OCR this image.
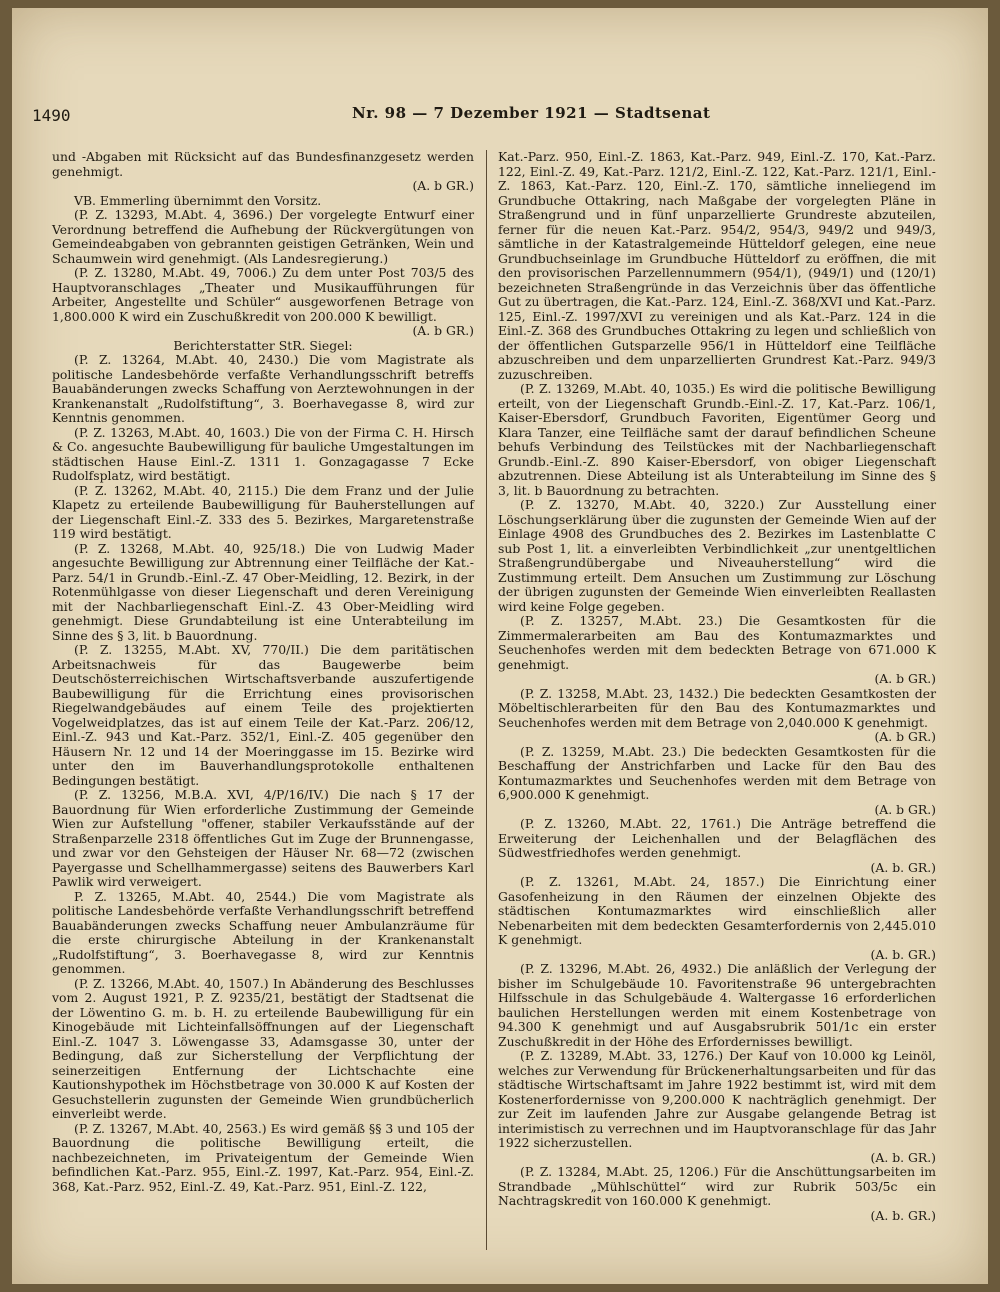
1490	Nr. 98 — 7 Dezember 1921 — Stadtsenat

und -Abgaben mit Rücksicht auf das Bundesfinanzgesetz werden genehmigt.
(A. b GR.)

VB. Emmerling übernimmt den Vorsitz.

(P. Z. 13293, M.Abt. 4, 3696.) Der vorgelegte Entwurf einer Verordnung betreffend die Aufhebung der Rückvergütungen von Gemeindeabgaben von gebrannten geistigen Getränken, Wein und Schaumwein wird genehmigt. (Als Landesregierung.)

(P. Z. 13280, M.Abt. 49, 7006.) Zu dem unter Post 703/5 des Hauptvoranschlages „Theater und Musikaufführungen für Arbeiter, Angestellte und Schüler“ ausgeworfenen Betrage von 1,800.000 K wird ein Zuschußkredit von 200.000 K bewilligt.
(A. b GR.)

Berichterstatter StR. Siegel:

(P. Z. 13264, M.Abt. 40, 2430.) Die vom Magistrate als politische Landesbehörde verfaßte Verhandlungsschrift betreffs Bauabänderungen zwecks Schaffung von Aerztewohnungen in der Krankenanstalt „Rudolfstiftung“, 3. Boerhavegasse 8, wird zur Kenntnis genommen.

(P. Z. 13263, M.Abt. 40, 1603.) Die von der Firma C. H. Hirsch & Co. angesuchte Baubewilligung für bauliche Umgestaltungen im städtischen Hause Einl.-Z. 1311 1. Gonzagagasse 7 Ecke Rudolfsplatz, wird bestätigt.

(P. Z. 13262, M.Abt. 40, 2115.) Die dem Franz und der Julie Klapetz zu erteilende Baubewilligung für Bauherstellungen auf der Liegenschaft Einl.-Z. 333 des 5. Bezirkes, Margaretenstraße 119 wird bestätigt.

(P. Z. 13268, M.Abt. 40, 925/18.) Die von Ludwig Mader angesuchte Bewilligung zur Abtrennung einer Teilfläche der Kat.-Parz. 54/1 in Grundb.-Einl.-Z. 47 Ober-Meidling, 12. Bezirk, in der Rotenmühlgasse von dieser Liegenschaft und deren Vereinigung mit der Nachbarliegenschaft Einl.-Z. 43 Ober-Meidling wird genehmigt. Diese Grundabteilung ist eine Unterabteilung im Sinne des § 3, lit. b Bauordnung.

(P. Z. 13255, M.Abt. XV, 770/II.) Die dem paritätischen Arbeitsnachweis für das Baugewerbe beim Deutschösterreichischen Wirtschaftsverbande auszufertigende Baubewilligung für die Errichtung eines provisorischen Riegelwandgebäudes auf einem Teile des projektierten Vogelweidplatzes, das ist auf einem Teile der Kat.-Parz. 206/12, Einl.-Z. 943 und Kat.-Parz. 352/1, Einl.-Z. 405 gegenüber den Häusern Nr. 12 und 14 der Moeringgasse im 15. Bezirke wird unter den im Bauverhandlungsprotokolle enthaltenen Bedingungen bestätigt.

(P. Z. 13256, M.B.A. XVI, 4/P/16/IV.) Die nach § 17 der Bauordnung für Wien erforderliche Zustimmung der Gemeinde Wien zur Aufstellung "offener, stabiler Verkaufsstände auf der Straßenparzelle 2318 öffentliches Gut im Zuge der Brunnengasse, und zwar vor den Gehsteigen der Häuser Nr. 68—72 (zwischen Payergasse und Schellhammergasse) seitens des Bauwerbers Karl Pawlik wird verweigert.

P. Z. 13265, M.Abt. 40, 2544.) Die vom Magistrate als politische Landesbehörde verfaßte Verhandlungsschrift betreffend Bauabänderungen zwecks Schaffung neuer Ambulanzräume für die erste chirurgische Abteilung in der Krankenanstalt „Rudolfstiftung“, 3. Boerhavegasse 8, wird zur Kenntnis genommen.

(P. Z. 13266, M.Abt. 40, 1507.) In Abänderung des Beschlusses vom 2. August 1921, P. Z. 9235/21, bestätigt der Stadtsenat die der Löwentino G. m. b. H. zu erteilende Baubewilligung für ein Kinogebäude mit Lichteinfallsöffnungen auf der Liegenschaft Einl.-Z. 1047 3. Löwengasse 33, Adamsgasse 30, unter der Bedingung, daß zur Sicherstellung der Verpflichtung der seinerzeitigen Entfernung der Lichtschachte eine Kautionshypothek im Höchstbetrage von 30.000 K auf Kosten der Gesuchstellerin zugunsten der Gemeinde Wien grundbücherlich einverleibt werde.

(P. Z. 13267, M.Abt. 40, 2563.) Es wird gemäß §§ 3 und 105 der Bauordnung die politische Bewilligung erteilt, die nachbezeichneten, im Privateigentum der Gemeinde Wien befindlichen Kat.-Parz. 955, Einl.-Z. 1997, Kat.-Parz. 954, Einl.-Z. 368, Kat.-Parz. 952, Einl.-Z. 49, Kat.-Parz. 951, Einl.-Z. 122,

Kat.-Parz. 950, Einl.-Z. 1863, Kat.-Parz. 949, Einl.-Z. 170, Kat.-Parz. 122, Einl.-Z. 49, Kat.-Parz. 121/2, Einl.-Z. 122, Kat.-Parz. 121/1, Einl.-Z. 1863, Kat.-Parz. 120, Einl.-Z. 170, sämtliche inneliegend im Grundbuche Ottakring, nach Maßgabe der vorgelegten Pläne in Straßengrund und in fünf unparzellierte Grundreste abzuteilen, ferner für die neuen Kat.-Parz. 954/2, 954/3, 949/2 und 949/3, sämtliche in der Katastralgemeinde Hütteldorf gelegen, eine neue Grundbuchseinlage im Grundbuche Hütteldorf zu eröffnen, die mit den provisorischen Parzellennummern (954/1), (949/1) und (120/1) bezeichneten Straßengründe in das Verzeichnis über das öffentliche Gut zu übertragen, die Kat.-Parz. 124, Einl.-Z. 368/XVI und Kat.-Parz. 125, Einl.-Z. 1997/XVI zu vereinigen und als Kat.-Parz. 124 in die Einl.-Z. 368 des Grundbuches Ottakring zu legen und schließlich von der öffentlichen Gutsparzelle 956/1 in Hütteldorf eine Teilfläche abzuschreiben und dem unparzellierten Grundrest Kat.-Parz. 949/3 zuzuschreiben.

(P. Z. 13269, M.Abt. 40, 1035.) Es wird die politische Bewilligung erteilt, von der Liegenschaft Grundb.-Einl.-Z. 17, Kat.-Parz. 106/1, Kaiser-Ebersdorf, Grundbuch Favoriten, Eigentümer Georg und Klara Tanzer, eine Teilfläche samt der darauf befindlichen Scheune behufs Verbindung des Teilstückes mit der Nachbarliegenschaft Grundb.-Einl.-Z. 890 Kaiser-Ebersdorf, von obiger Liegenschaft abzutrennen. Diese Abteilung ist als Unterabteilung im Sinne des § 3, lit. b Bauordnung zu betrachten.

(P. Z. 13270, M.Abt. 40, 3220.) Zur Ausstellung einer Löschungserklärung über die zugunsten der Gemeinde Wien auf der Einlage 4908 des Grundbuches des 2. Bezirkes im Lastenblatte C sub Post 1, lit. a einverleibten Verbindlichkeit „zur unentgeltlichen Straßengrundübergabe und Niveauherstellung“ wird die Zustimmung erteilt. Dem Ansuchen um Zustimmung zur Löschung der übrigen zugunsten der Gemeinde Wien einverleibten Reallasten wird keine Folge gegeben.

(P. Z. 13257, M.Abt. 23.) Die Gesamtkosten für die Zimmermalerarbeiten am Bau des Kontumazmarktes und Seuchenhofes werden mit dem bedeckten Betrage von 671.000 K genehmigt.
(A. b GR.)

(P. Z. 13258, M.Abt. 23, 1432.) Die bedeckten Gesamtkosten der Möbeltischlerarbeiten für den Bau des Kontumazmarktes und Seuchenhofes werden mit dem Betrage von 2,040.000 K genehmigt.
(A. b GR.)

(P. Z. 13259, M.Abt. 23.) Die bedeckten Gesamtkosten für die Beschaffung der Anstrichfarben und Lacke für den Bau des Kontumazmarktes und Seuchenhofes werden mit dem Betrage von 6,900.000 K genehmigt.
(A. b GR.)

(P. Z. 13260, M.Abt. 22, 1761.) Die Anträge betreffend die Erweiterung der Leichenhallen und der Belagflächen des Südwestfriedhofes werden genehmigt.
(A. b. GR.)

(P. Z. 13261, M.Abt. 24, 1857.) Die Einrichtung einer Gasofenheizung in den Räumen der einzelnen Objekte des städtischen Kontumazmarktes wird einschließlich aller Nebenarbeiten mit dem bedeckten Gesamterfordernis von 2,445.010 K genehmigt.
(A. b. GR.)

(P. Z. 13296, M.Abt. 26, 4932.) Die anläßlich der Verlegung der bisher im Schulgebäude 10. Favoritenstraße 96 untergebrachten Hilfsschule in das Schulgebäude 4. Waltergasse 16 erforderlichen baulichen Herstellungen werden mit einem Kostenbetrage von 94.300 K genehmigt und auf Ausgabsrubrik 501/1c ein erster Zuschußkredit in der Höhe des Erfordernisses bewilligt.

(P. Z. 13289, M.Abt. 33, 1276.) Der Kauf von 10.000 kg Leinöl, welches zur Verwendung für Brückenerhaltungsarbeiten und für das städtische Wirtschaftsamt im Jahre 1922 bestimmt ist, wird mit dem Kostenerfordernisse von 9,200.000 K nachträglich genehmigt. Der zur Zeit im laufenden Jahre zur Ausgabe gelangende Betrag ist interimistisch zu verrechnen und im Hauptvoranschlage für das Jahr 1922 sicherzustellen.
(A. b. GR.)

(P. Z. 13284, M.Abt. 25, 1206.) Für die Anschüttungsarbeiten im Strandbade „Mühlschüttel“ wird zur Rubrik 503/5c ein Nachtragskredit von 160.000 K genehmigt.
(A. b. GR.)
